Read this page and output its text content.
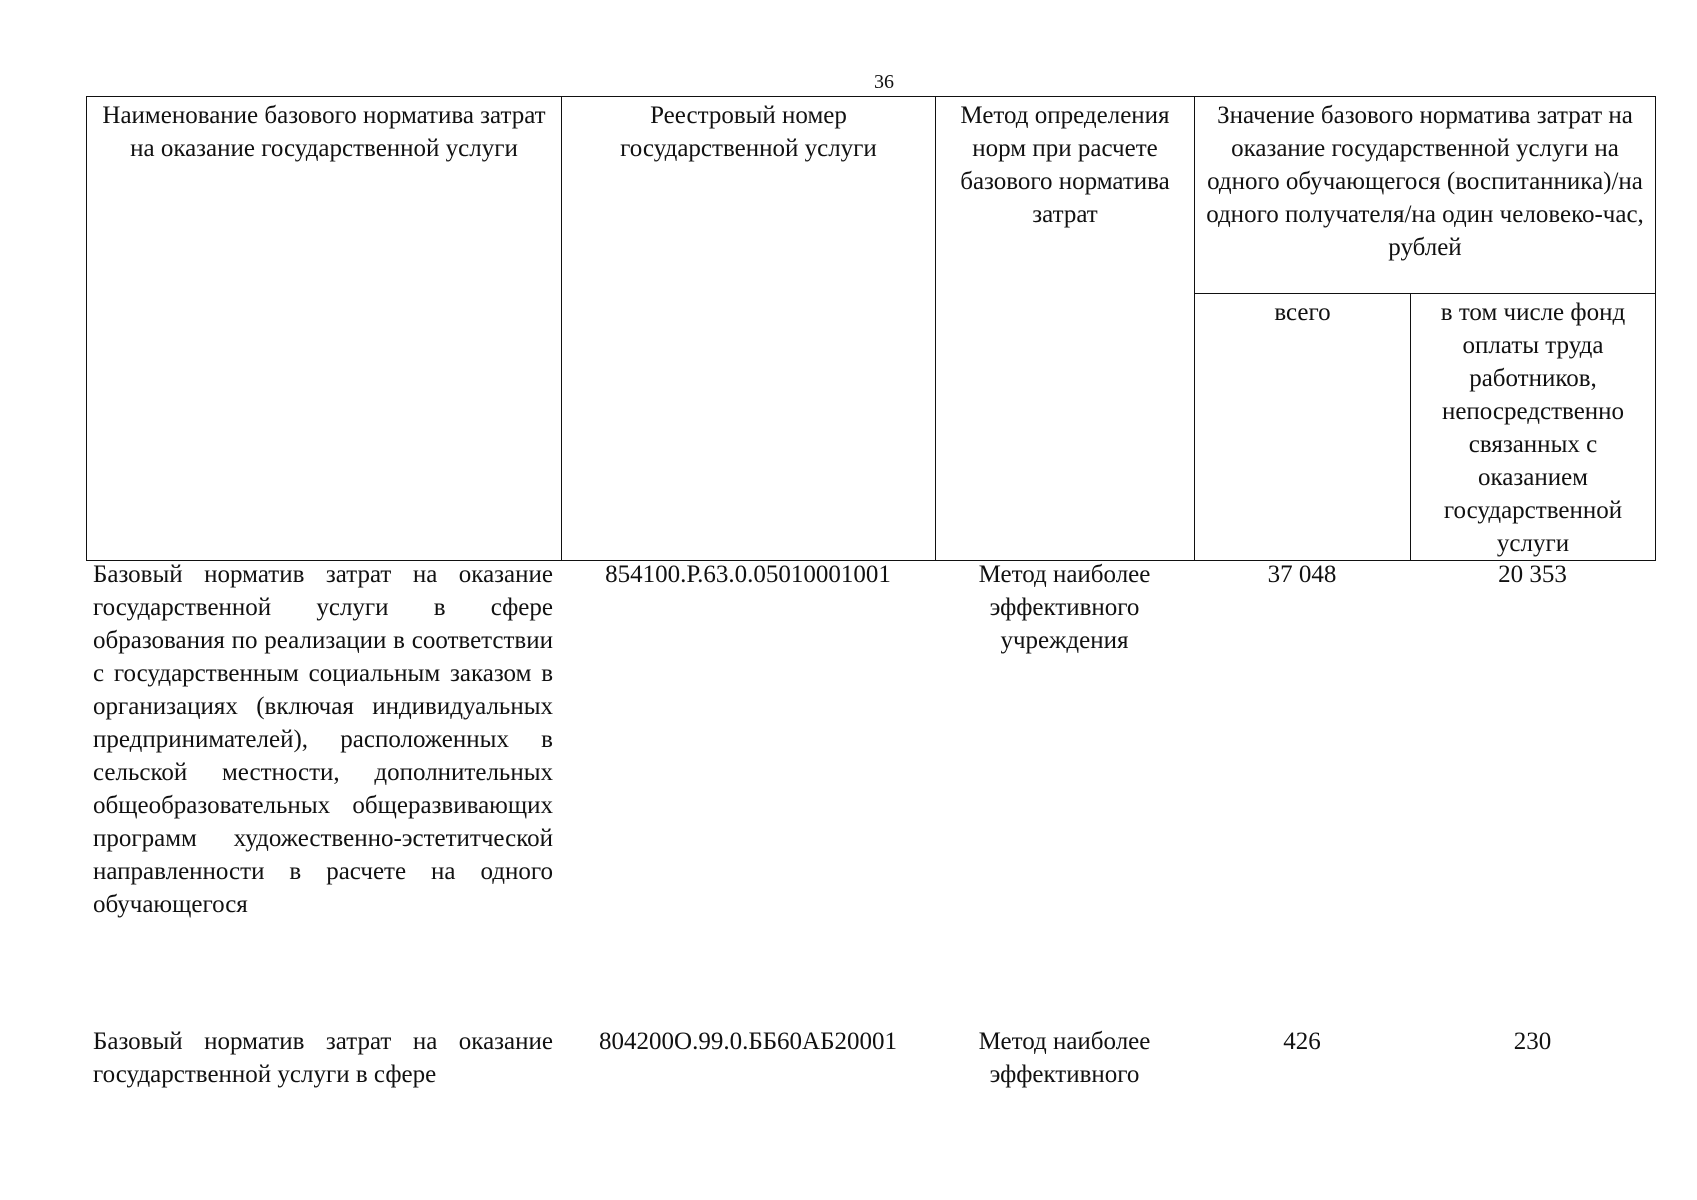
36
Наименование базового норматива затрат на оказание государственной услуги	Реестровый номер государственной услуги	Метод определения норм при расчете базового норматива затрат	Значение базового норматива затрат на оказание государственной услуги на одного обучающегося (воспитанника)/на одного получателя/на один человеко-час, рублей	
			всего	в том числе фонд оплаты труда работников, непосредственно связанных с оказанием государственной услуги
Базовый норматив затрат на оказание государственной услуги в сфере образования по реализации в соответствии с государственным социальным заказом в организациях (включая индивидуальных предпринимателей), расположенных в сельской местности, дополнительных общеобразовательных общеразвивающих программ художественно-эстетитческой направленности в расчете на одного обучающегося	854100.Р.63.0.05010001001	Метод наиболее эффективного учреждения	37 048	20 353
Базовый норматив затрат на оказание государственной услуги в сфере	804200О.99.0.ББ60АБ20001	Метод наиболее эффективного	426	230
